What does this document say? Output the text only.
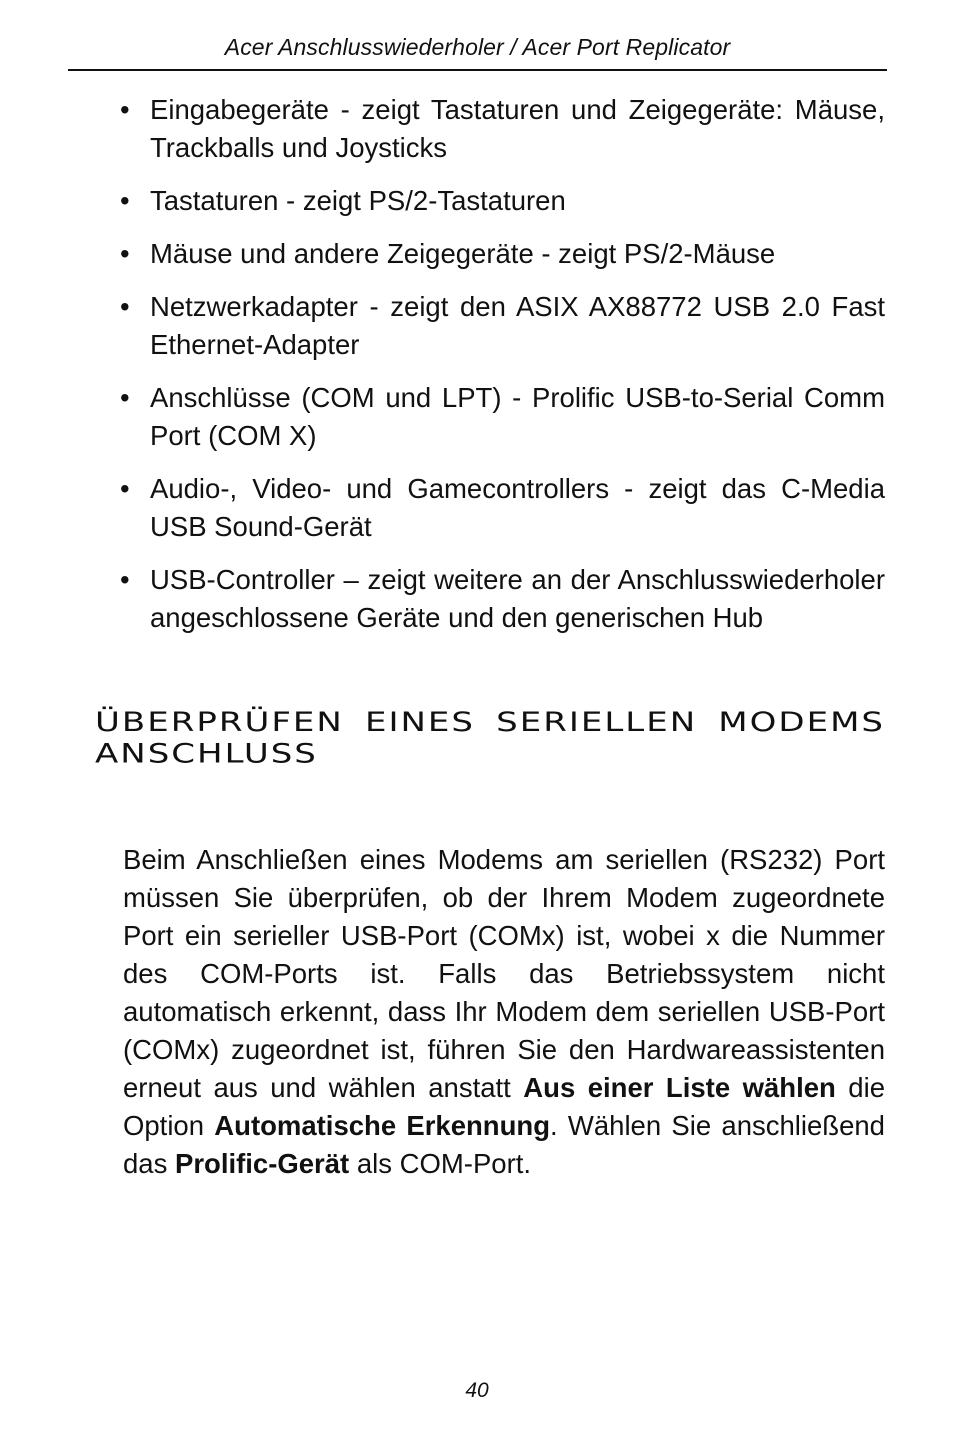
Acer Anschlusswiederholer / Acer Port Replicator
• Eingabegeräte - zeigt Tastaturen und Zeigegeräte: Mäuse, Trackballs und Joysticks
• Tastaturen - zeigt PS/2-Tastaturen
• Mäuse und andere Zeigegeräte - zeigt PS/2-Mäuse
• Netzwerkadapter - zeigt den ASIX AX88772 USB 2.0 Fast Ethernet-Adapter
• Anschlüsse (COM und LPT) - Prolific USB-to-Serial Comm Port (COM X)
• Audio-, Video- und Gamecontrollers - zeigt das C-Media USB Sound-Gerät
• USB-Controller – zeigt weitere an der Anschlusswiederholer angeschlossene Geräte und den generischen Hub
ÜBERPRÜFEN EINES SERIELLEN MODEMS ANSCHLUSS

Beim Anschließen eines Modems am seriellen (RS232) Port müssen Sie überprüfen, ob der Ihrem Modem zugeordnete Port ein serieller USB-Port (COMx) ist, wobei x die Nummer des COM-Ports ist. Falls das Betriebssystem nicht automatisch erkennt, dass Ihr Modem dem seriellen USB-Port (COMx) zugeordnet ist, führen Sie den Hardwareassistenten erneut aus und wählen anstatt Aus einer Liste wählen die Option Automatische Erkennung. Wählen Sie anschließend das Prolific-Gerät als COM-Port.

40
